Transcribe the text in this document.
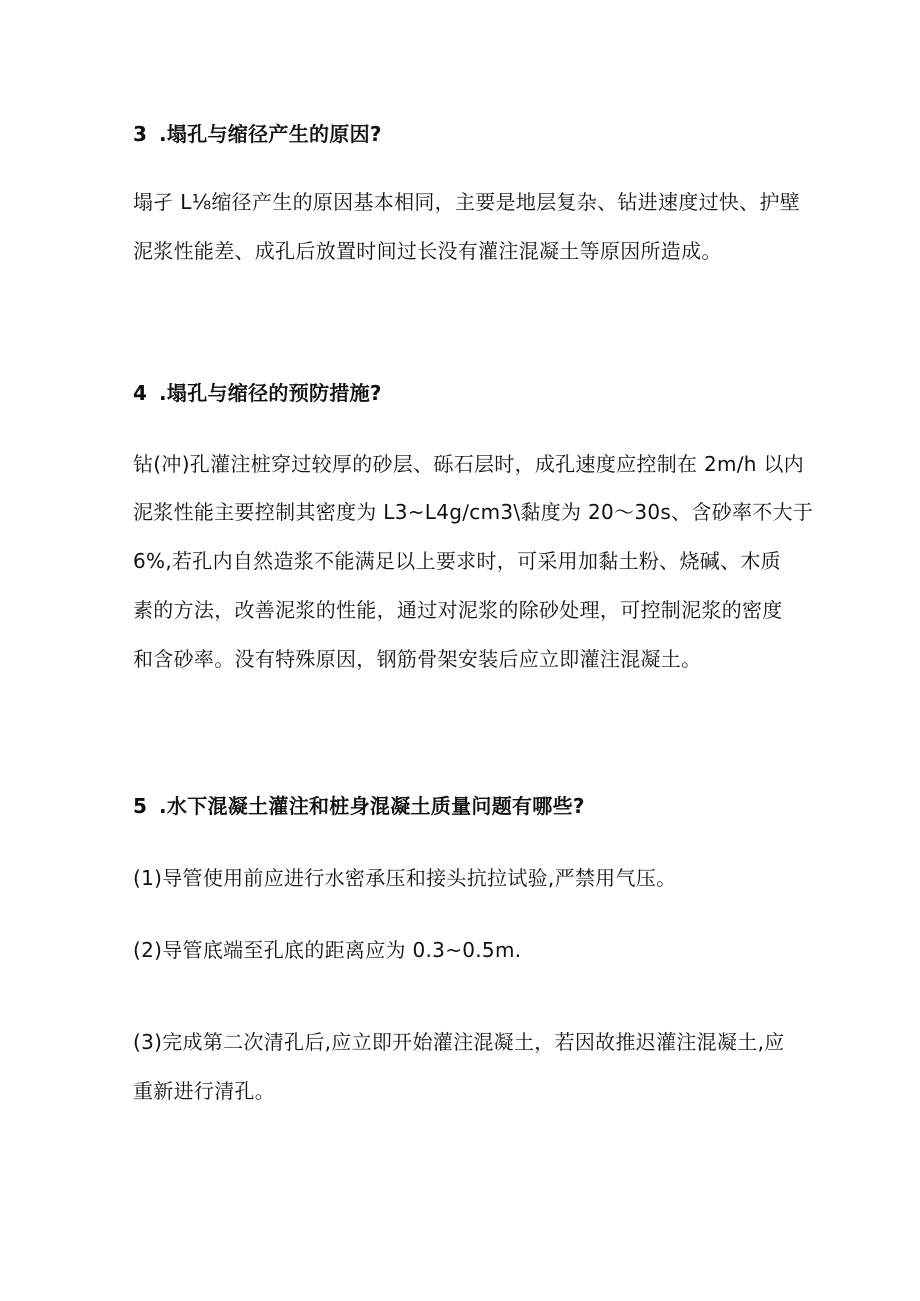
3 .塌孔与缩径产生的原因?

塌孑 L⅛缩径产生的原因基本相同，主要是地层复杂、钻进速度过快、护壁

泥浆性能差、成孔后放置时间过长没有灌注混凝土等原因所造成。

4 .塌孔与缩径的预防措施?

钻(冲)孔灌注桩穿过较厚的砂层、砾石层时，成孔速度应控制在 2m∕h 以内

泥浆性能主要控制其密度为 L3~L4g∕cm3\黏度为 20～30s、含砂率不大于

6%,若孔内自然造浆不能满足以上要求时，可采用加黏土粉、烧碱、木质

素的方法，改善泥浆的性能，通过对泥浆的除砂处理，可控制泥浆的密度

和含砂率。没有特殊原因，钢筋骨架安装后应立即灌注混凝土。

5 .水下混凝土灌注和桩身混凝土质量问题有哪些?

(1)导管使用前应进行水密承压和接头抗拉试验,严禁用气压。

(2)导管底端至孔底的距离应为 0.3~0.5m.

(3)完成第二次清孔后,应立即开始灌注混凝土，若因故推迟灌注混凝土,应

重新进行清孔。
